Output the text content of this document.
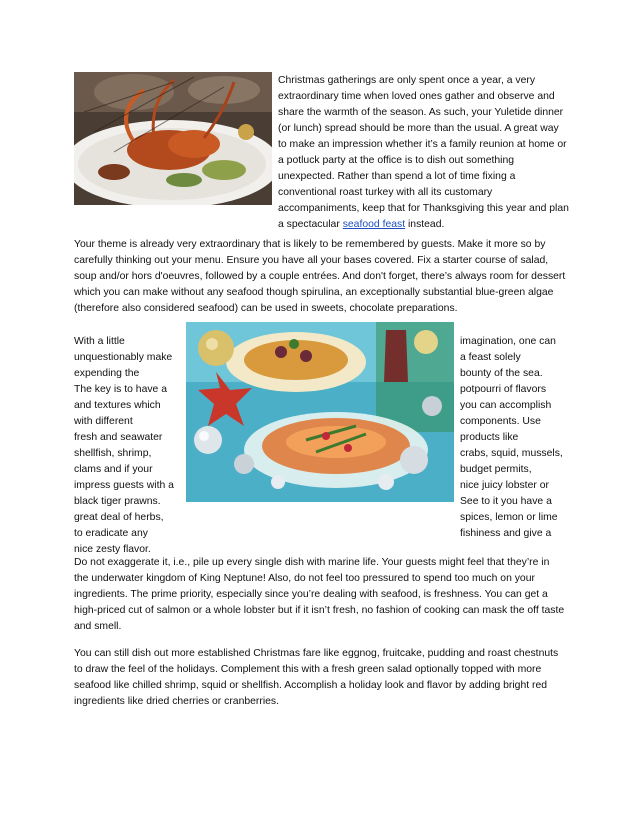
Christmas gatherings are only spent once a year, a very extraordinary time when loved ones gather and observe and share the warmth of the season. As such, your Yuletide dinner (or lunch) spread should be more than the usual. A great way to make an impression whether it’s a family reunion at home or a potluck party at the office is to dish out something unexpected. Rather than spend a lot of time fixing a conventional roast turkey with all its customary accompaniments, keep that for Thanksgiving this year and plan a spectacular seafood feast instead.
Your theme is already very extraordinary that is likely to be remembered by guests. Make it more so by carefully thinking out your menu. Ensure you have all your bases covered. Fix a starter course of salad, soup and/or hors d'oeuvres, followed by a couple entrées. And don't forget, there’s always room for dessert which you can make without any seafood though spirulina, an exceptionally substantial blue-green algae (therefore also considered seafood) can be used in sweets, chocolate preparations.
With a little
unquestionably make
expending the
The key is to have a
and textures which
with different
fresh and seawater
shellfish, shrimp,
clams and if your
impress guests with a
black tiger prawns.
great deal of herbs,
to eradicate any
nice zesty flavor.
imagination, one can
a feast solely
bounty of the sea.
potpourri of flavors
you can accomplish
components. Use
products like
crabs, squid, mussels,
budget permits,
nice juicy lobster or
See to it you have a
spices, lemon or lime
fishiness and give a
Do not exaggerate it, i.e., pile up every single dish with marine life. Your guests might feel that they’re in the underwater kingdom of King Neptune! Also, do not feel too pressured to spend too much on your ingredients. The prime priority, especially since you’re dealing with seafood, is freshness. You can get a high-priced cut of salmon or a whole lobster but if it isn’t fresh, no fashion of cooking can mask the off taste and smell.
You can still dish out more established Christmas fare like eggnog, fruitcake, pudding and roast chestnuts to draw the feel of the holidays. Complement this with a fresh green salad optionally topped with more seafood like chilled shrimp, squid or shellfish. Accomplish a holiday look and flavor by adding bright red ingredients like dried cherries or cranberries.
